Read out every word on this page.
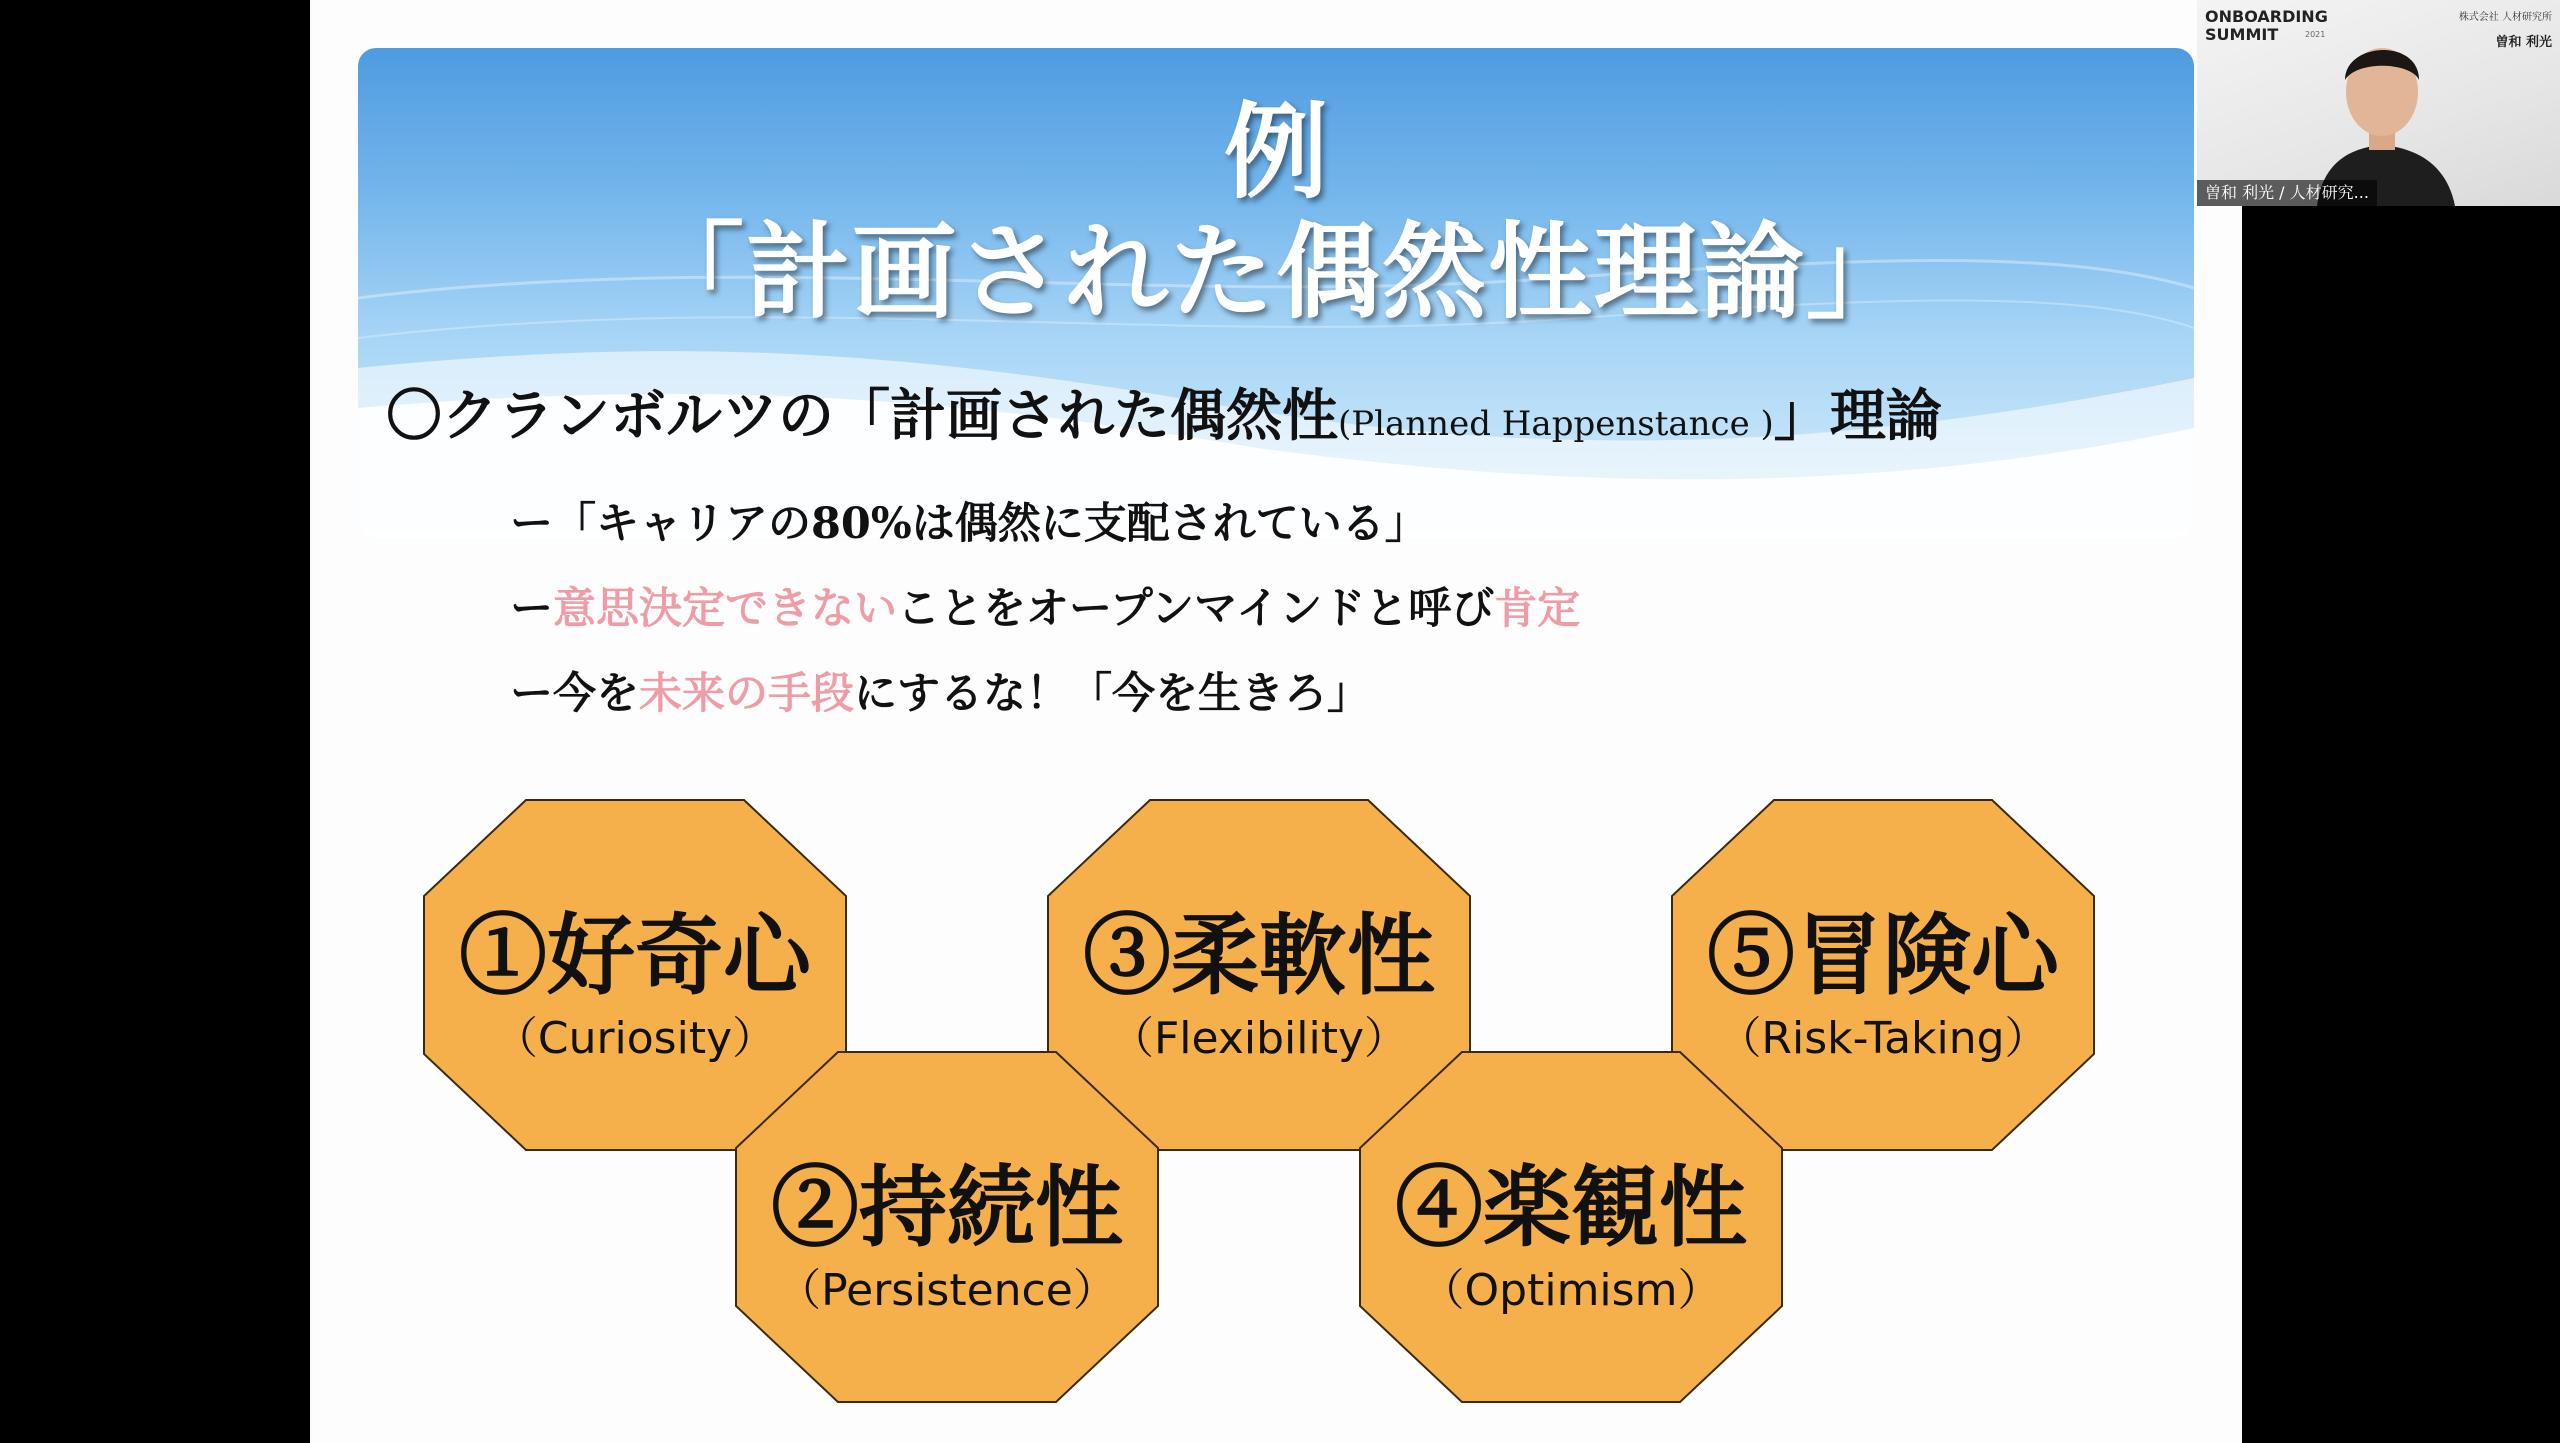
例
「計画された偶然性理論」
〇クランボルツの「計画された偶然性(Planned Happenstance )」理論
ー「キャリアの80%は偶然に支配されている」
ー意思決定できないことをオープンマインドと呼び肯定
ー今を未来の手段にするな！「今を生きろ」
①好奇心
（Curiosity）
③柔軟性
（Flexibility）
⑤冒険心
（Risk-Taking）
②持続性
（Persistence）
④楽観性
（Optimism）
ONBOARDING
SUMMIT	2021
株式会社 人材研究所
曽和 利光
曽和 利光 / 人材研究...
